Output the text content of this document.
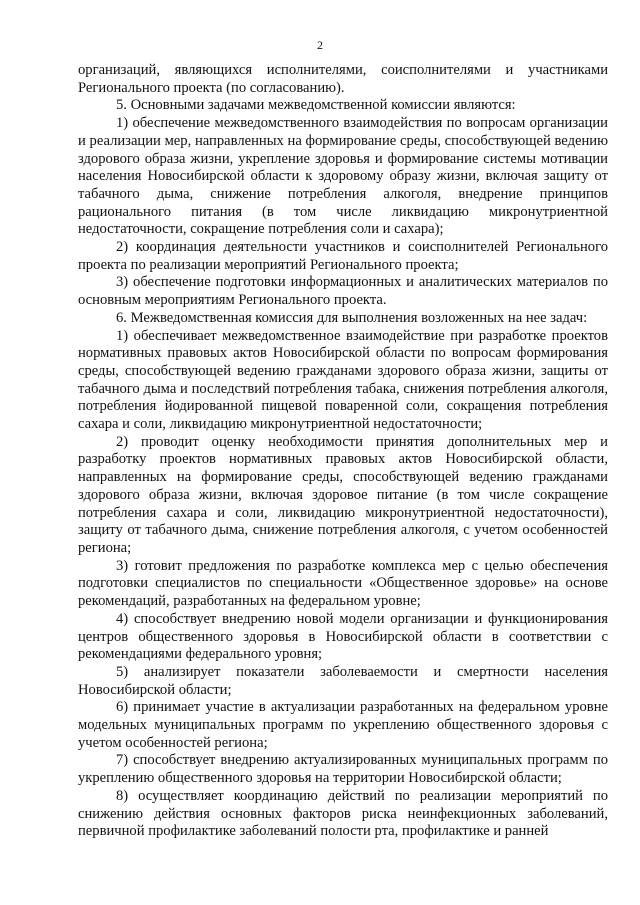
2

организаций, являющихся исполнителями, соисполнителями и участниками Регионального проекта (по согласованию).

5. Основными задачами межведомственной комиссии являются:

1) обеспечение межведомственного взаимодействия по вопросам организации и реализации мер, направленных на формирование среды, способствующей ведению здорового образа жизни, укрепление здоровья и формирование системы мотивации населения Новосибирской области к здоровому образу жизни, включая защиту от табачного дыма, снижение потребления алкоголя, внедрение принципов рационального питания (в том числе ликвидацию микронутриентной недостаточности, сокращение потребления соли и сахара);

2) координация деятельности участников и соисполнителей Регионального проекта по реализации мероприятий Регионального проекта;

3) обеспечение подготовки информационных и аналитических материалов по основным мероприятиям Регионального проекта.

6. Межведомственная комиссия для выполнения возложенных на нее задач:

1) обеспечивает межведомственное взаимодействие при разработке проектов нормативных правовых актов Новосибирской области по вопросам формирования среды, способствующей ведению гражданами здорового образа жизни, защиты от табачного дыма и последствий потребления табака, снижения потребления алкоголя, потребления йодированной пищевой поваренной соли, сокращения потребления сахара и соли, ликвидацию микронутриентной недостаточности;

2) проводит оценку необходимости принятия дополнительных мер и разработку проектов нормативных правовых актов Новосибирской области, направленных на формирование среды, способствующей ведению гражданами здорового образа жизни, включая здоровое питание (в том числе сокращение потребления сахара и соли, ликвидацию микронутриентной недостаточности), защиту от табачного дыма, снижение потребления алкоголя, с учетом особенностей региона;

3) готовит предложения по разработке комплекса мер с целью обеспечения подготовки специалистов по специальности «Общественное здоровье» на основе рекомендаций, разработанных на федеральном уровне;

4) способствует внедрению новой модели организации и функционирования центров общественного здоровья в Новосибирской области в соответствии с рекомендациями федерального уровня;

5) анализирует показатели заболеваемости и смертности населения Новосибирской области;

6) принимает участие в актуализации разработанных на федеральном уровне модельных муниципальных программ по укреплению общественного здоровья с учетом особенностей региона;

7) способствует внедрению актуализированных муниципальных программ по укреплению общественного здоровья на территории Новосибирской области;

8) осуществляет координацию действий по реализации мероприятий по снижению действия основных факторов риска неинфекционных заболеваний, первичной профилактике заболеваний полости рта, профилактике и ранней
